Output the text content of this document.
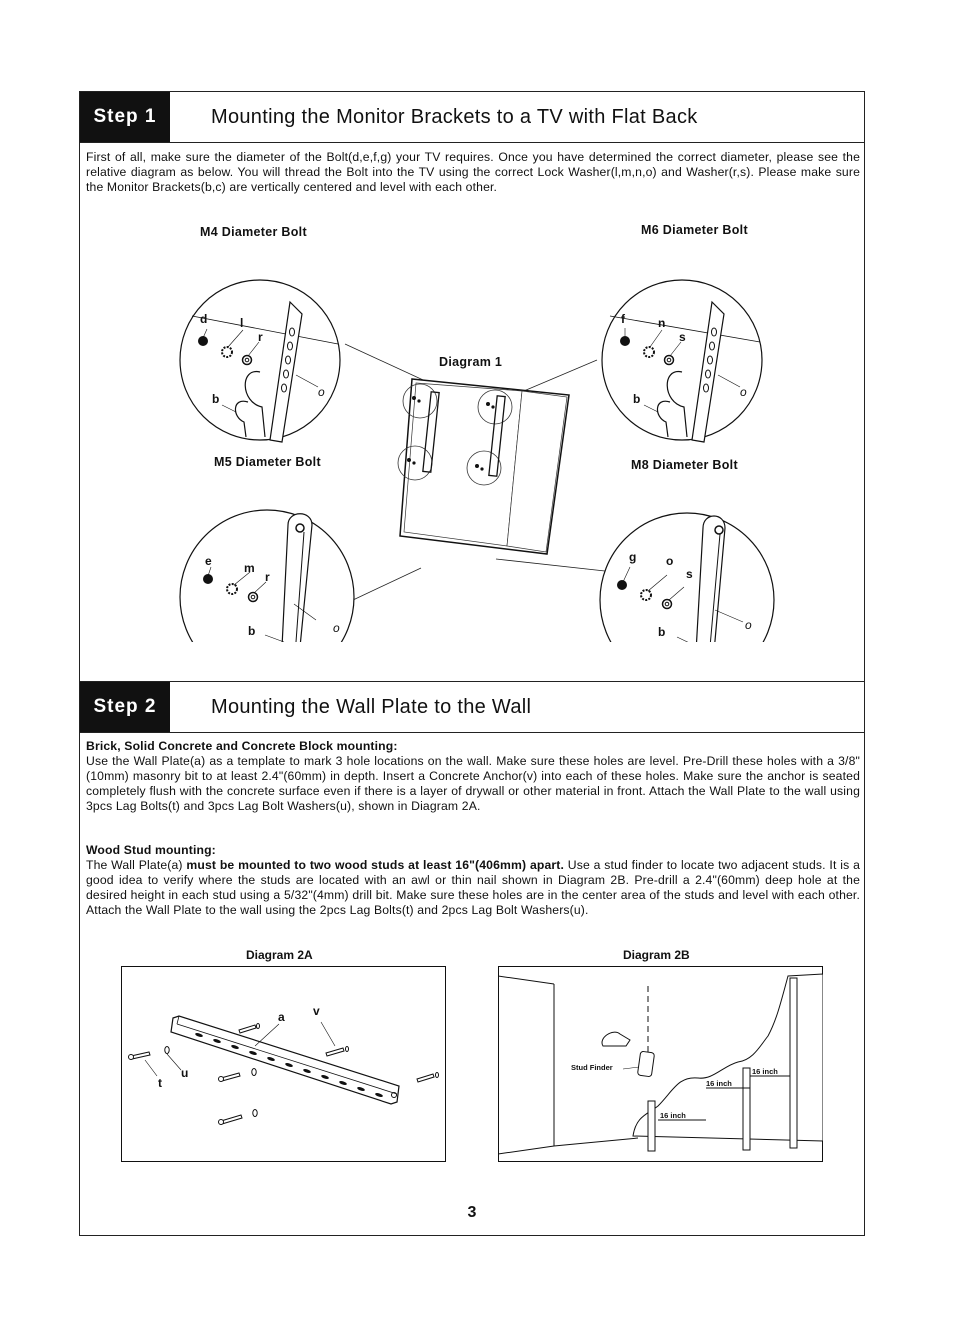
Step 1	Mounting the Monitor Brackets to a TV with Flat Back

First of all, make sure the diameter of the Bolt(d,e,f,g) your TV requires. Once you have determined the correct diameter, please see the relative diagram as below. You will thread the Bolt into the TV using the correct Lock Washer(l,m,n,o) and Washer(r,s). Please make sure the Monitor Brackets(b,c) are vertically centered and level with each other.

M4 Diameter Bolt	M6 Diameter Bolt
M5 Diameter Bolt	M8 Diameter Bolt
Diagram 1
d	l
r
b	o
f	n
s
b	o
e	m
r
b	o
g o
s
b	o
Step 2	Mounting the Wall Plate to the Wall

Brick, Solid Concrete and Concrete Block mounting:

Use the Wall Plate(a) as a template to mark 3 hole locations on the wall. Make sure these holes are level. Pre-Drill these holes with a 3/8"(10mm) masonry bit to at least 2.4"(60mm) in depth. Insert a Concrete Anchor(v) into each of these holes. Make sure the anchor is seated completely flush with the concrete surface even if there is a layer of drywall or other material in front. Attach the Wall Plate to the wall using 3pcs Lag Bolts(t) and 3pcs Lag Bolt Washers(u), shown in Diagram 2A.

Wood Stud mounting:

The Wall Plate(a) must be mounted to two wood studs at least 16"(406mm) apart. Use a stud finder to locate two adjacent studs. It is a good idea to verify where the studs are located with an awl or thin nail shown in Diagram 2B. Pre-drill a 2.4"(60mm) deep hole at the desired height in each stud using a 5/32"(4mm) drill bit. Make sure these holes are in the center area of the studs and level with each other. Attach the Wall Plate to the wall using the 2pcs Lag Bolts(t) and 2pcs Lag Bolt Washers(u).

Diagram 2A	Diagram 2B
a v
t
u	Stud Finder
16 inch
16 inch
16 inch
3
